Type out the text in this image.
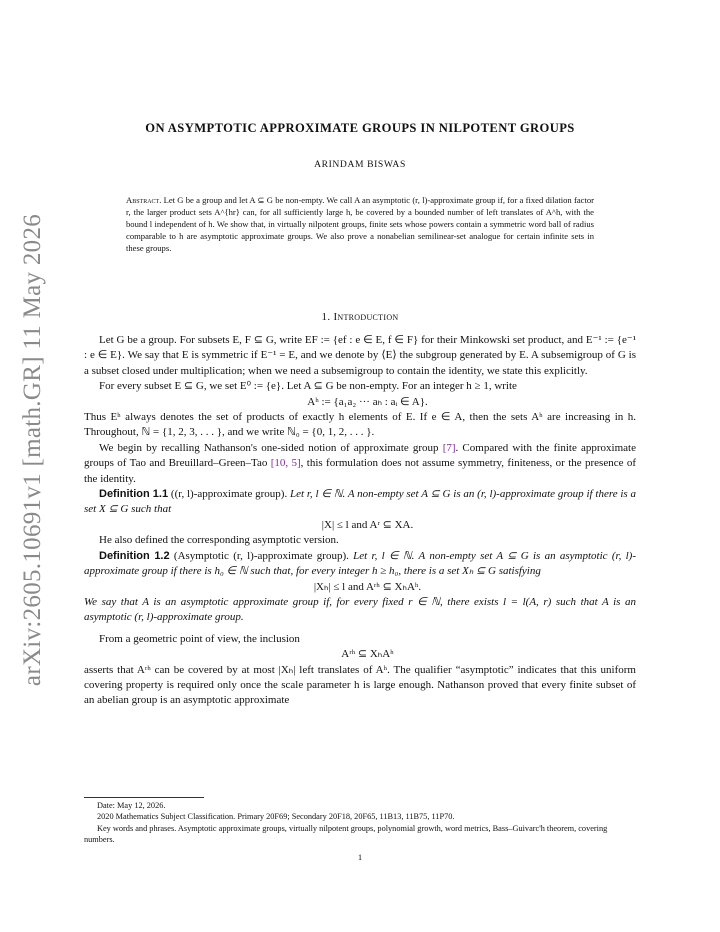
arXiv:2605.10691v1 [math.GR] 11 May 2026
ON ASYMPTOTIC APPROXIMATE GROUPS IN NILPOTENT GROUPS
ARINDAM BISWAS
Abstract. Let G be a group and let A ⊆ G be non-empty. We call A an asymptotic (r, l)-approximate group if, for a fixed dilation factor r, the larger product sets A^{hr} can, for all sufficiently large h, be covered by a bounded number of left translates of A^h, with the bound l independent of h. We show that, in virtually nilpotent groups, finite sets whose powers contain a symmetric word ball of radius comparable to h are asymptotic approximate groups. We also prove a nonabelian semilinear-set analogue for certain infinite sets in these groups.
1. Introduction

Let G be a group. For subsets E, F ⊆ G, write EF := {ef : e ∈ E, f ∈ F} for their Minkowski set product, and E⁻¹ := {e⁻¹ : e ∈ E}. We say that E is symmetric if E⁻¹ = E, and we denote by ⟨E⟩ the subgroup generated by E. A subsemigroup of G is a subset closed under multiplication; when we need a subsemigroup to contain the identity, we state this explicitly.

For every subset E ⊆ G, we set E⁰ := {e}. Let A ⊆ G be non-empty. For an integer h ≥ 1, write

Aʰ := {a₁a₂ ··· aₕ : aᵢ ∈ A}.

Thus Eʰ always denotes the set of products of exactly h elements of E. If e ∈ A, then the sets Aʰ are increasing in h. Throughout, ℕ = {1, 2, 3, . . . }, and we write ℕ₀ = {0, 1, 2, . . . }.

We begin by recalling Nathanson's one-sided notion of approximate group [7]. Compared with the finite approximate groups of Tao and Breuillard–Green–Tao [10, 5], this formulation does not assume symmetry, finiteness, or the presence of the identity.

Definition 1.1 ((r, l)-approximate group). Let r, l ∈ ℕ. A non-empty set A ⊆ G is an (r, l)-approximate group if there is a set X ⊆ G such that

|X| ≤ l and Aʳ ⊆ XA.

He also defined the corresponding asymptotic version.

Definition 1.2 (Asymptotic (r, l)-approximate group). Let r, l ∈ ℕ. A non-empty set A ⊆ G is an asymptotic (r, l)-approximate group if there is h₀ ∈ ℕ such that, for every integer h ≥ h₀, there is a set Xₕ ⊆ G satisfying

|Xₕ| ≤ l and Aʳʰ ⊆ XₕAʰ.

We say that A is an asymptotic approximate group if, for every fixed r ∈ ℕ, there exists l = l(A, r) such that A is an asymptotic (r, l)-approximate group.

From a geometric point of view, the inclusion

Aʳʰ ⊆ XₕAʰ

asserts that Aʳʰ can be covered by at most |Xₕ| left translates of Aʰ. The qualifier “asymptotic” indicates that this uniform covering property is required only once the scale parameter h is large enough. Nathanson proved that every finite subset of an abelian group is an asymptotic approximate

Date: May 12, 2026.

2020 Mathematics Subject Classification. Primary 20F69; Secondary 20F18, 20F65, 11B13, 11B75, 11P70.

Key words and phrases. Asymptotic approximate groups, virtually nilpotent groups, polynomial growth, word metrics, Bass–Guivarc'h theorem, covering numbers.

1
